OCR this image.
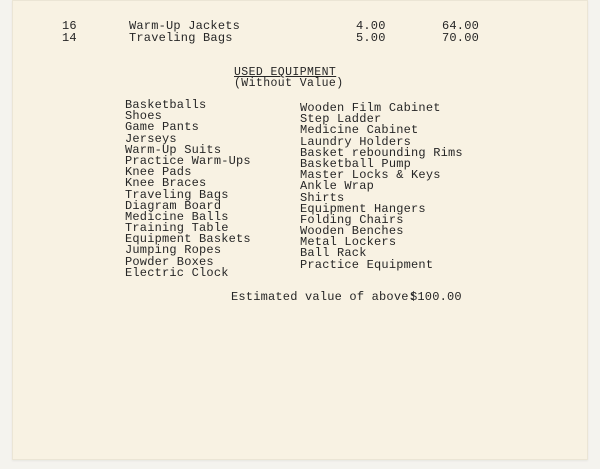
16	Warm-Up Jackets	4.00	64.00
14	Traveling Bags	5.00	70.00
USED EQUIPMENT
(Without Value)
Basketballs
Shoes
Game Pants
Jerseys
Warm-Up Suits
Practice Warm-Ups
Knee Pads
Knee Braces
Traveling Bags
Diagram Board
Medicine Balls
Training Table
Equipment Baskets
Jumping Ropes
Powder Boxes
Electric Clock
Wooden Film Cabinet
Step Ladder
Medicine Cabinet
Laundry Holders
Basket rebounding Rims
Basketball Pump
Master Locks & Keys
Ankle Wrap
Shirts
Equipment Hangers
Folding Chairs
Wooden Benches
Metal Lockers
Ball Rack
Practice Equipment
Estimated value of above:
$100.00
